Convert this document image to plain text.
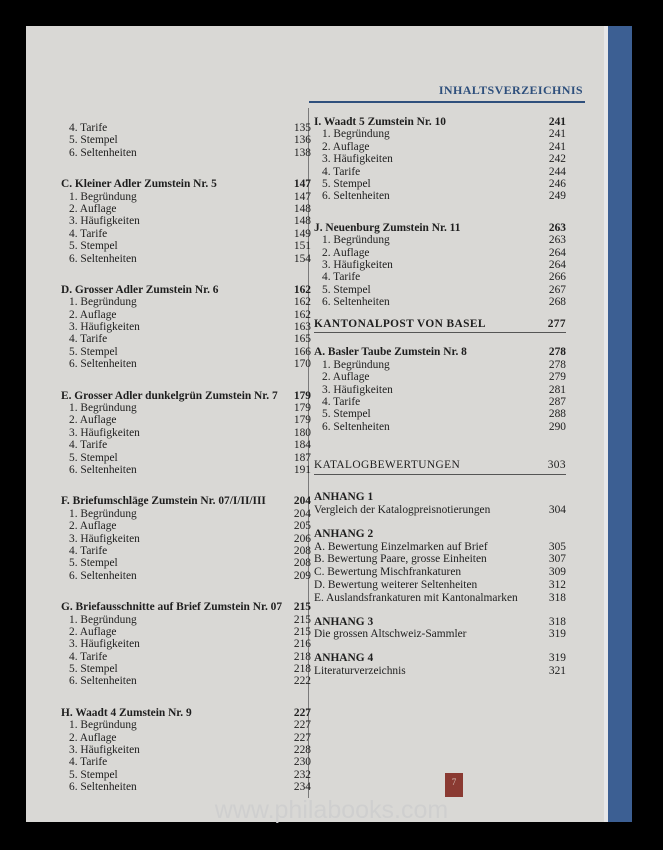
INHALTSVERZEICHNIS
4. Tarife	135
5. Stempel	136
6. Seltenheiten	138
C. Kleiner Adler Zumstein Nr. 5	147
1. Begründung	147
2. Auflage	148
3. Häufigkeiten	148
4. Tarife	149
5. Stempel	151
6. Seltenheiten	154
D. Grosser Adler Zumstein Nr. 6	162
1. Begründung	162
2. Auflage	162
3. Häufigkeiten	163
4. Tarife	165
5. Stempel	166
6. Seltenheiten	170
E. Grosser Adler dunkelgrün Zumstein Nr. 7 179
1. Begründung	179
2. Auflage	179
3. Häufigkeiten	180
4. Tarife	184
5. Stempel	187
6. Seltenheiten	191
F. Briefumschläge Zumstein Nr. 07/I/II/III 204
1. Begründung	204
2. Auflage	205
3. Häufigkeiten	206
4. Tarife	208
5. Stempel	208
6. Seltenheiten	209
G. Briefausschnitte auf Brief Zumstein Nr. 07 215
1. Begründung	215
2. Auflage	215
3. Häufigkeiten	216
4. Tarife	218
5. Stempel	218
6. Seltenheiten	222
H. Waadt 4 Zumstein Nr. 9	227
1. Begründung	227
2. Auflage	227
3. Häufigkeiten	228
4. Tarife	230
5. Stempel	232
6. Seltenheiten	234
I. Waadt 5 Zumstein Nr. 10	241
1. Begründung	241
2. Auflage	241
3. Häufigkeiten	242
4. Tarife	244
5. Stempel	246
6. Seltenheiten	249
J. Neuenburg Zumstein Nr. 11	263
1. Begründung	263
2. Auflage	264
3. Häufigkeiten	264
4. Tarife	266
5. Stempel	267
6. Seltenheiten	268
KANTONALPOST VON BASEL	277
A. Basler Taube Zumstein Nr. 8	278
1. Begründung	278
2. Auflage	279
3. Häufigkeiten	281
4. Tarife	287
5. Stempel	288
6. Seltenheiten	290
KATALOGBEWERTUNGEN	303
ANHANG 1
Vergleich der Katalogpreisnotierungen	304
ANHANG 2
A. Bewertung Einzelmarken auf Brief	305
B. Bewertung Paare, grosse Einheiten	307
C. Bewertung Mischfrankaturen	309
D. Bewertung weiterer Seltenheiten	312
E. Auslandsfrankaturen mit Kantonalmarken	318
ANHANG 3	318
Die grossen Altschweiz-Sammler	319
ANHANG 4	319
Literaturverzeichnis	321
7
www.philabooks.com
